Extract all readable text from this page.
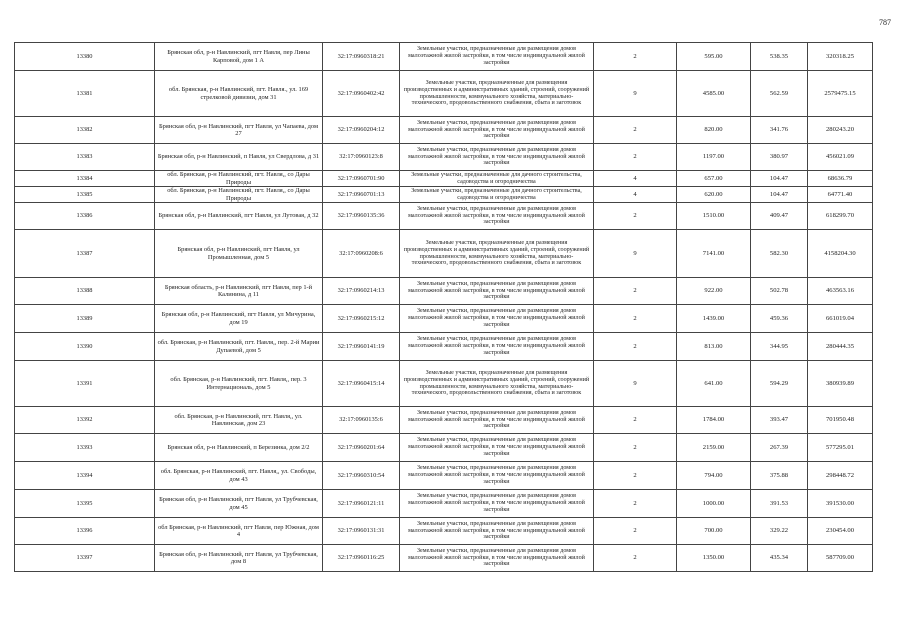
787
13380	Брянская обл, р-н Навлинский, пгт Навля, пер Лины Карповой, дом 1 А	32:17:0960318:21	Земельные участки, предназначенные для размещения домов малоэтажной жилой застройки, в том числе индивидуальной жилой застройки	2	595.00	538.35	320318.25
13381	обл. Брянская, р-н Навлинский, пгт. Навля., ул. 169 стрелковой дивизии, дом 31	32:17:0960402:42	Земельные участки, предназначенные для размещения производственных и административных зданий, строений, сооружений промышленности, коммунального хозяйства, материально-технического, продовольственного снабжения, сбыта и заготовок	9	4585.00	562.59	2579475.15
13382	Брянская обл, р-н Навлинский, пгт Навля, ул Чапаева, дом 27	32:17:0960204:12	Земельные участки, предназначенные для размещения домов малоэтажной жилой застройки, в том числе индивидуальной жилой застройки	2	820.00	341.76	280243.20
13383	Брянская обл, р-н Навлинский, п Навля, ул Свердлова, д 31	32:17:0960123:8	Земельные участки, предназначенные для размещения домов малоэтажной жилой застройки, в том числе индивидуальной жилой застройки	2	1197.00	380.97	456021.09
13384	обл. Брянская, р-н Навлинский, пгт. Навля,, сo Дары Природы	32:17:0960701:90	Земельные участки, предназначенные для дачного строительства, садоводства и огородничества	4	657.00	104.47	68636.79
13385	обл. Брянская, р-н Навлинский, пгт. Навля,, сo Дары Природы	32:17:0960701:13	Земельные участки, предназначенные для дачного строительства, садоводства и огородничества	4	620.00	104.47	64771.40
13386	Брянская обл, р-н Навлинский, пгт Навля, ул Лутовая, д 32	32:17:0960135:36	Земельные участки, предназначенные для размещения домов малоэтажной жилой застройки, в том числе индивидуальной жилой застройки	2	1510.00	409.47	618299.70
13387	Брянская обл, р-н Навлинский, пгт Навля, ул Промышленная, дом 5	32:17:0960208:6	Земельные участки, предназначенные для размещения производственных и административных зданий, строений, сооружений промышленности, коммунального хозяйства, материально-технического, продовольственного снабжения, сбыта и заготовок	9	7141.00	582.30	4158204.30
13388	Брянская область, р-н Навлинский, пгт Навля, пер 1-й Калинина, д 11	32:17:0960214:13	Земельные участки, предназначенные для размещения домов малоэтажной жилой застройки, в том числе индивидуальной жилой застройки	2	922.00	502.78	463563.16
13389	Брянская обл, р-н Навлинский, пгт Навля, ул Мичурина, дом 19	32:17:0960215:12	Земельные участки, предназначенные для размещения домов малоэтажной жилой застройки, в том числе индивидуальной жилой застройки	2	1439.00	459.36	661019.04
13390	обл. Брянская, р-н Навлинский, пгт. Навля,, пер. 2-й Марии Дупаевой, дом 5	32:17:0960141:19	Земельные участки, предназначенные для размещения домов малоэтажной жилой застройки, в том числе индивидуальной жилой застройки	2	813.00	344.95	280444.35
13391	обл. Брянская, р-н Навлинский, пгт. Навля,, пер. 3 Интернациональ, дом 5	32:17:0960415:14	Земельные участки, предназначенные для размещения производственных и административных зданий, строений, сооружений промышленности, коммунального хозяйства, материально-технического, продовольственного снабжения, сбыта и заготовок	9	641.00	594.29	380939.89
13392	обл. Брянская, р-н Навлинский, пгт. Навля,, ул. Навлинская, дом 23	32:17:0960135:6	Земельные участки, предназначенные для размещения домов малоэтажной жилой застройки, в том числе индивидуальной жилой застройки	2	1784.00	393.47	701950.48
13393	Брянская обл, р-н Навлинский, п Березинка, дом 2/2	32:17:0960201:64	Земельные участки, предназначенные для размещения домов малоэтажной жилой застройки, в том числе индивидуальной жилой застройки	2	2159.00	267.39	577295.01
13394	обл. Брянская, р-н Навлинский, пгт. Навля,, ул. Свободы, дом 43	32:17:0960310:54	Земельные участки, предназначенные для размещения домов малоэтажной жилой застройки, в том числе индивидуальной жилой застройки	2	794.00	375.88	298448.72
13395	Брянская обл, р-н Навлинский, пгт Навля, ул Трубчевская, дом 45	32:17:0960121:11	Земельные участки, предназначенные для размещения домов малоэтажной жилой застройки, в том числе индивидуальной жилой застройки	2	1000.00	391.53	391530.00
13396	обл Брянская, р-н Навлинский, пгт Навля, пер Южная, дом 4	32:17:0960131:31	Земельные участки, предназначенные для размещения домов малоэтажной жилой застройки, в том числе индивидуальной жилой застройки	2	700.00	329.22	230454.00
13397	Брянская обл, р-н Навлинский, пгт Навля, ул Трубчевская, дом 8	32:17:0960116:25	Земельные участки, предназначенные для размещения домов малоэтажной жилой застройки, в том числе индивидуальной жилой застройки	2	1350.00	435.34	587709.00
